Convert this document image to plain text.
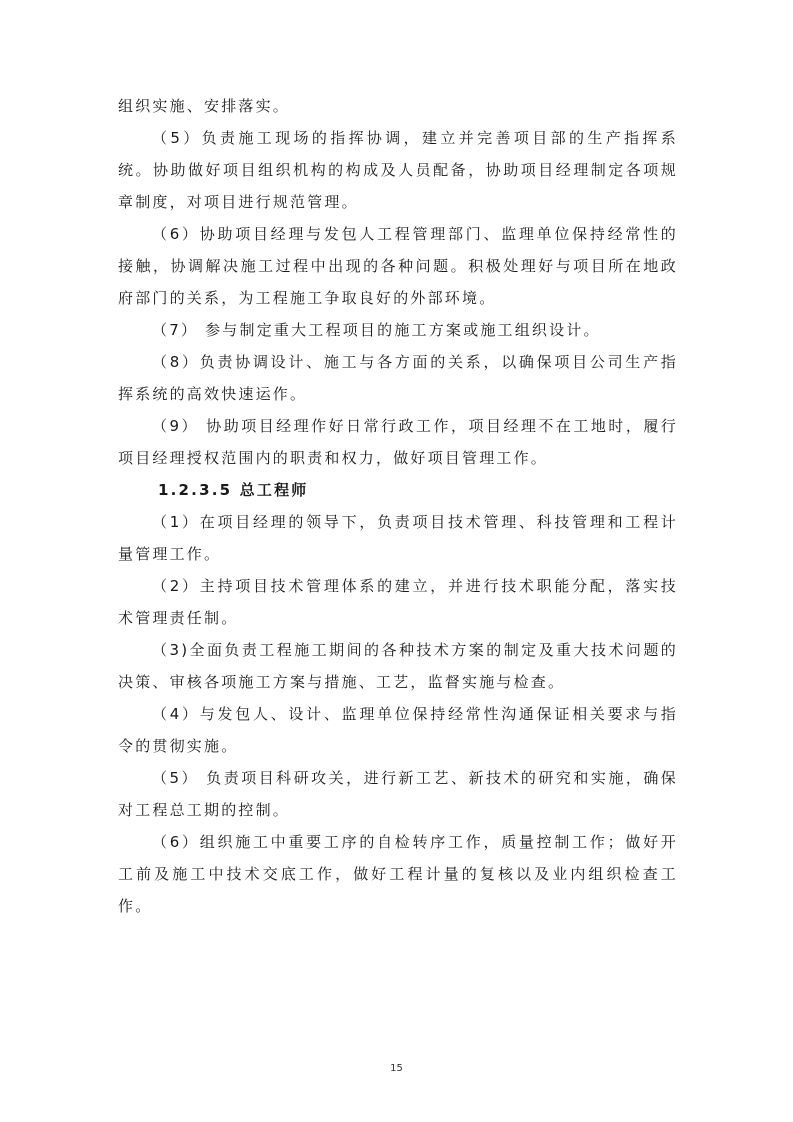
组织实施、安排落实。

（5）负责施工现场的指挥协调，建立并完善项目部的生产指挥系统。协助做好项目组织机构的构成及人员配备，协助项目经理制定各项规章制度，对项目进行规范管理。

（6）协助项目经理与发包人工程管理部门、监理单位保持经常性的接触，协调解决施工过程中出现的各种问题。积极处理好与项目所在地政府部门的关系，为工程施工争取良好的外部环境。

（7） 参与制定重大工程项目的施工方案或施工组织设计。

（8）负责协调设计、施工与各方面的关系，以确保项目公司生产指挥系统的高效快速运作。

（9） 协助项目经理作好日常行政工作，项目经理不在工地时，履行项目经理授权范围内的职责和权力，做好项目管理工作。

1.2.3.5 总工程师

（1）在项目经理的领导下，负责项目技术管理、科技管理和工程计量管理工作。

（2）主持项目技术管理体系的建立，并进行技术职能分配，落实技术管理责任制。

（3)全面负责工程施工期间的各种技术方案的制定及重大技术问题的决策、审核各项施工方案与措施、工艺，监督实施与检查。

（4）与发包人、设计、监理单位保持经常性沟通保证相关要求与指令的贯彻实施。

（5） 负责项目科研攻关，进行新工艺、新技术的研究和实施，确保对工程总工期的控制。

（6）组织施工中重要工序的自检转序工作，质量控制工作；做好开工前及施工中技术交底工作，做好工程计量的复核以及业内组织检查工作。

15
